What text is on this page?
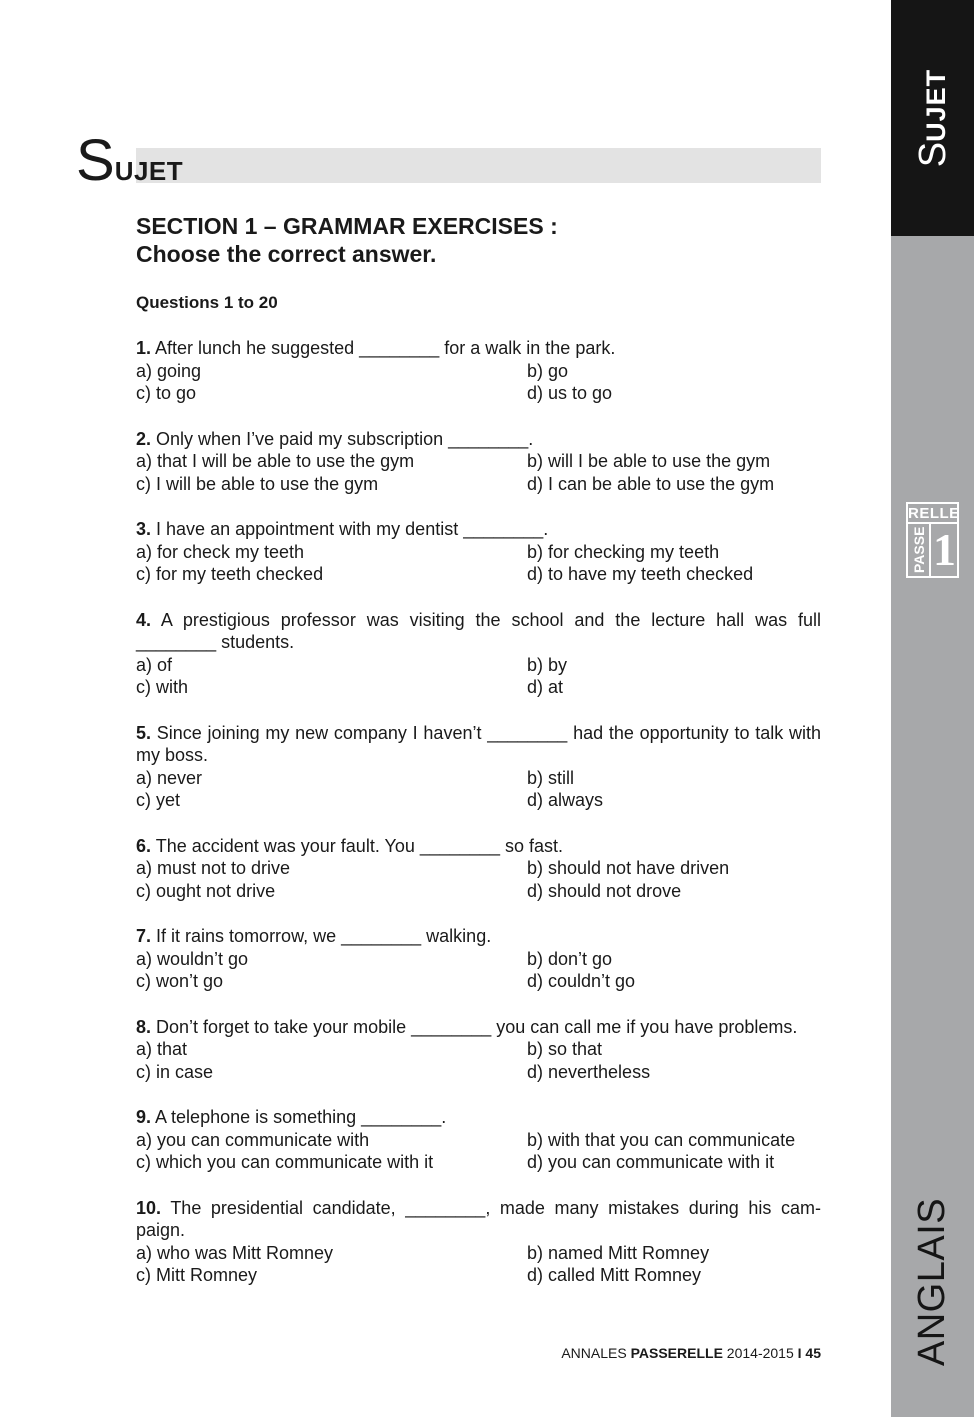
SUJET
RELLE
PASSE 1
ANGLAIS
SUJET
SECTION 1 – GRAMMAR EXERCISES :
Choose the correct answer.
Questions 1 to 20
1. After lunch he suggested ________ for a walk in the park.
a) going	b) go
c) to go	d) us to go
2. Only when I’ve paid my subscription ________.
a) that I will be able to use the gym	b) will I be able to use the gym
c) I will be able to use the gym	d) I can be able to use the gym
3. I have an appointment with my dentist ________.
a) for check my teeth	b) for checking my teeth
c) for my teeth checked	d) to have my teeth checked
4. A prestigious professor was visiting the school and the lecture hall was full ________ students.
a) of	b) by
c) with	d) at
5. Since joining my new company I haven’t ________ had the opportunity to talk with my boss.
a) never	b) still
c) yet	d) always
6. The accident was your fault. You ________ so fast.
a) must not to drive	b) should not have driven
c) ought not drive	d) should not drove
7. If it rains tomorrow, we ________ walking.
a) wouldn’t go	b) don’t go
c) won’t go	d) couldn’t go
8. Don’t forget to take your mobile ________ you can call me if you have problems.
a) that	b) so that
c) in case	d) nevertheless
9. A telephone is something ________.
a) you can communicate with	b) with that you can communicate
c) which you can communicate with it	d) you can communicate with it
10. The presidential candidate, ________, made many mistakes during his cam-paign.
a) who was Mitt Romney	b) named Mitt Romney
c) Mitt Romney	d) called Mitt Romney
ANNALES PASSERELLE 2014-2015 I 45
